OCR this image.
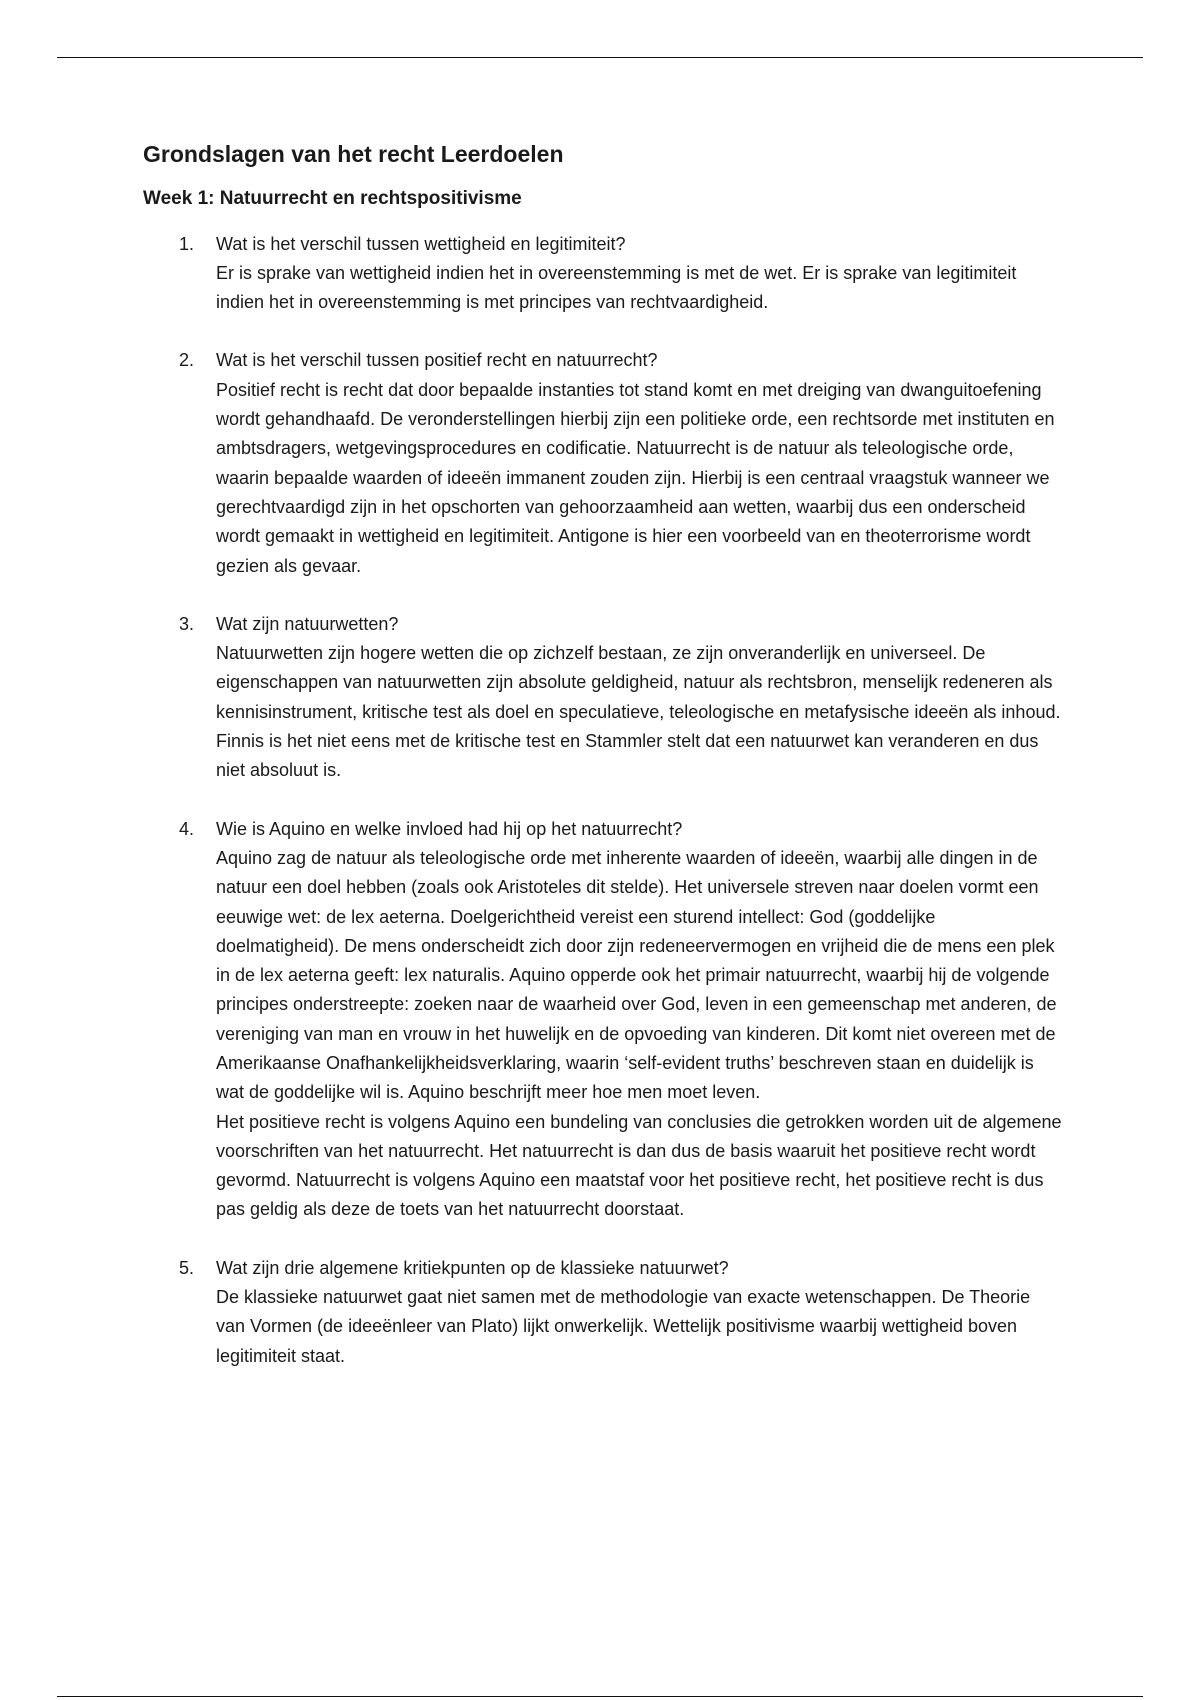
Grondslagen van het recht Leerdoelen
Week 1: Natuurrecht en rechtspositivisme
1. Wat is het verschil tussen wettigheid en legitimiteit?
Er is sprake van wettigheid indien het in overeenstemming is met de wet. Er is sprake van legitimiteit indien het in overeenstemming is met principes van rechtvaardigheid.
2. Wat is het verschil tussen positief recht en natuurrecht?
Positief recht is recht dat door bepaalde instanties tot stand komt en met dreiging van dwanguitoefening wordt gehandhaafd. De veronderstellingen hierbij zijn een politieke orde, een rechtsorde met instituten en ambtsdragers, wetgevingsprocedures en codificatie. Natuurrecht is de natuur als teleologische orde, waarin bepaalde waarden of ideeën immanent zouden zijn. Hierbij is een centraal vraagstuk wanneer we gerechtvaardigd zijn in het opschorten van gehoorzaamheid aan wetten, waarbij dus een onderscheid wordt gemaakt in wettigheid en legitimiteit. Antigone is hier een voorbeeld van en theoterrorisme wordt gezien als gevaar.
3. Wat zijn natuurwetten?
Natuurwetten zijn hogere wetten die op zichzelf bestaan, ze zijn onveranderlijk en universeel. De eigenschappen van natuurwetten zijn absolute geldigheid, natuur als rechtsbron, menselijk redeneren als kennisinstrument, kritische test als doel en speculatieve, teleologische en metafysische ideeën als inhoud. Finnis is het niet eens met de kritische test en Stammler stelt dat een natuurwet kan veranderen en dus niet absoluut is.
4. Wie is Aquino en welke invloed had hij op het natuurrecht?
Aquino zag de natuur als teleologische orde met inherente waarden of ideeën, waarbij alle dingen in de natuur een doel hebben (zoals ook Aristoteles dit stelde). Het universele streven naar doelen vormt een eeuwige wet: de lex aeterna. Doelgerichtheid vereist een sturend intellect: God (goddelijke doelmatigheid). De mens onderscheidt zich door zijn redeneervermogen en vrijheid die de mens een plek in de lex aeterna geeft: lex naturalis. Aquino opperde ook het primair natuurrecht, waarbij hij de volgende principes onderstreepte: zoeken naar de waarheid over God, leven in een gemeenschap met anderen, de vereniging van man en vrouw in het huwelijk en de opvoeding van kinderen. Dit komt niet overeen met de Amerikaanse Onafhankelijkheidsverklaring, waarin ‘self-evident truths’ beschreven staan en duidelijk is wat de goddelijke wil is. Aquino beschrijft meer hoe men moet leven.
Het positieve recht is volgens Aquino een bundeling van conclusies die getrokken worden uit de algemene voorschriften van het natuurrecht. Het natuurrecht is dan dus de basis waaruit het positieve recht wordt gevormd. Natuurrecht is volgens Aquino een maatstaf voor het positieve recht, het positieve recht is dus pas geldig als deze de toets van het natuurrecht doorstaat.
5. Wat zijn drie algemene kritiekpunten op de klassieke natuurwet?
De klassieke natuurwet gaat niet samen met de methodologie van exacte wetenschappen. De Theorie van Vormen (de ideeënleer van Plato) lijkt onwerkelijk. Wettelijk positivisme waarbij wettigheid boven legitimiteit staat.
